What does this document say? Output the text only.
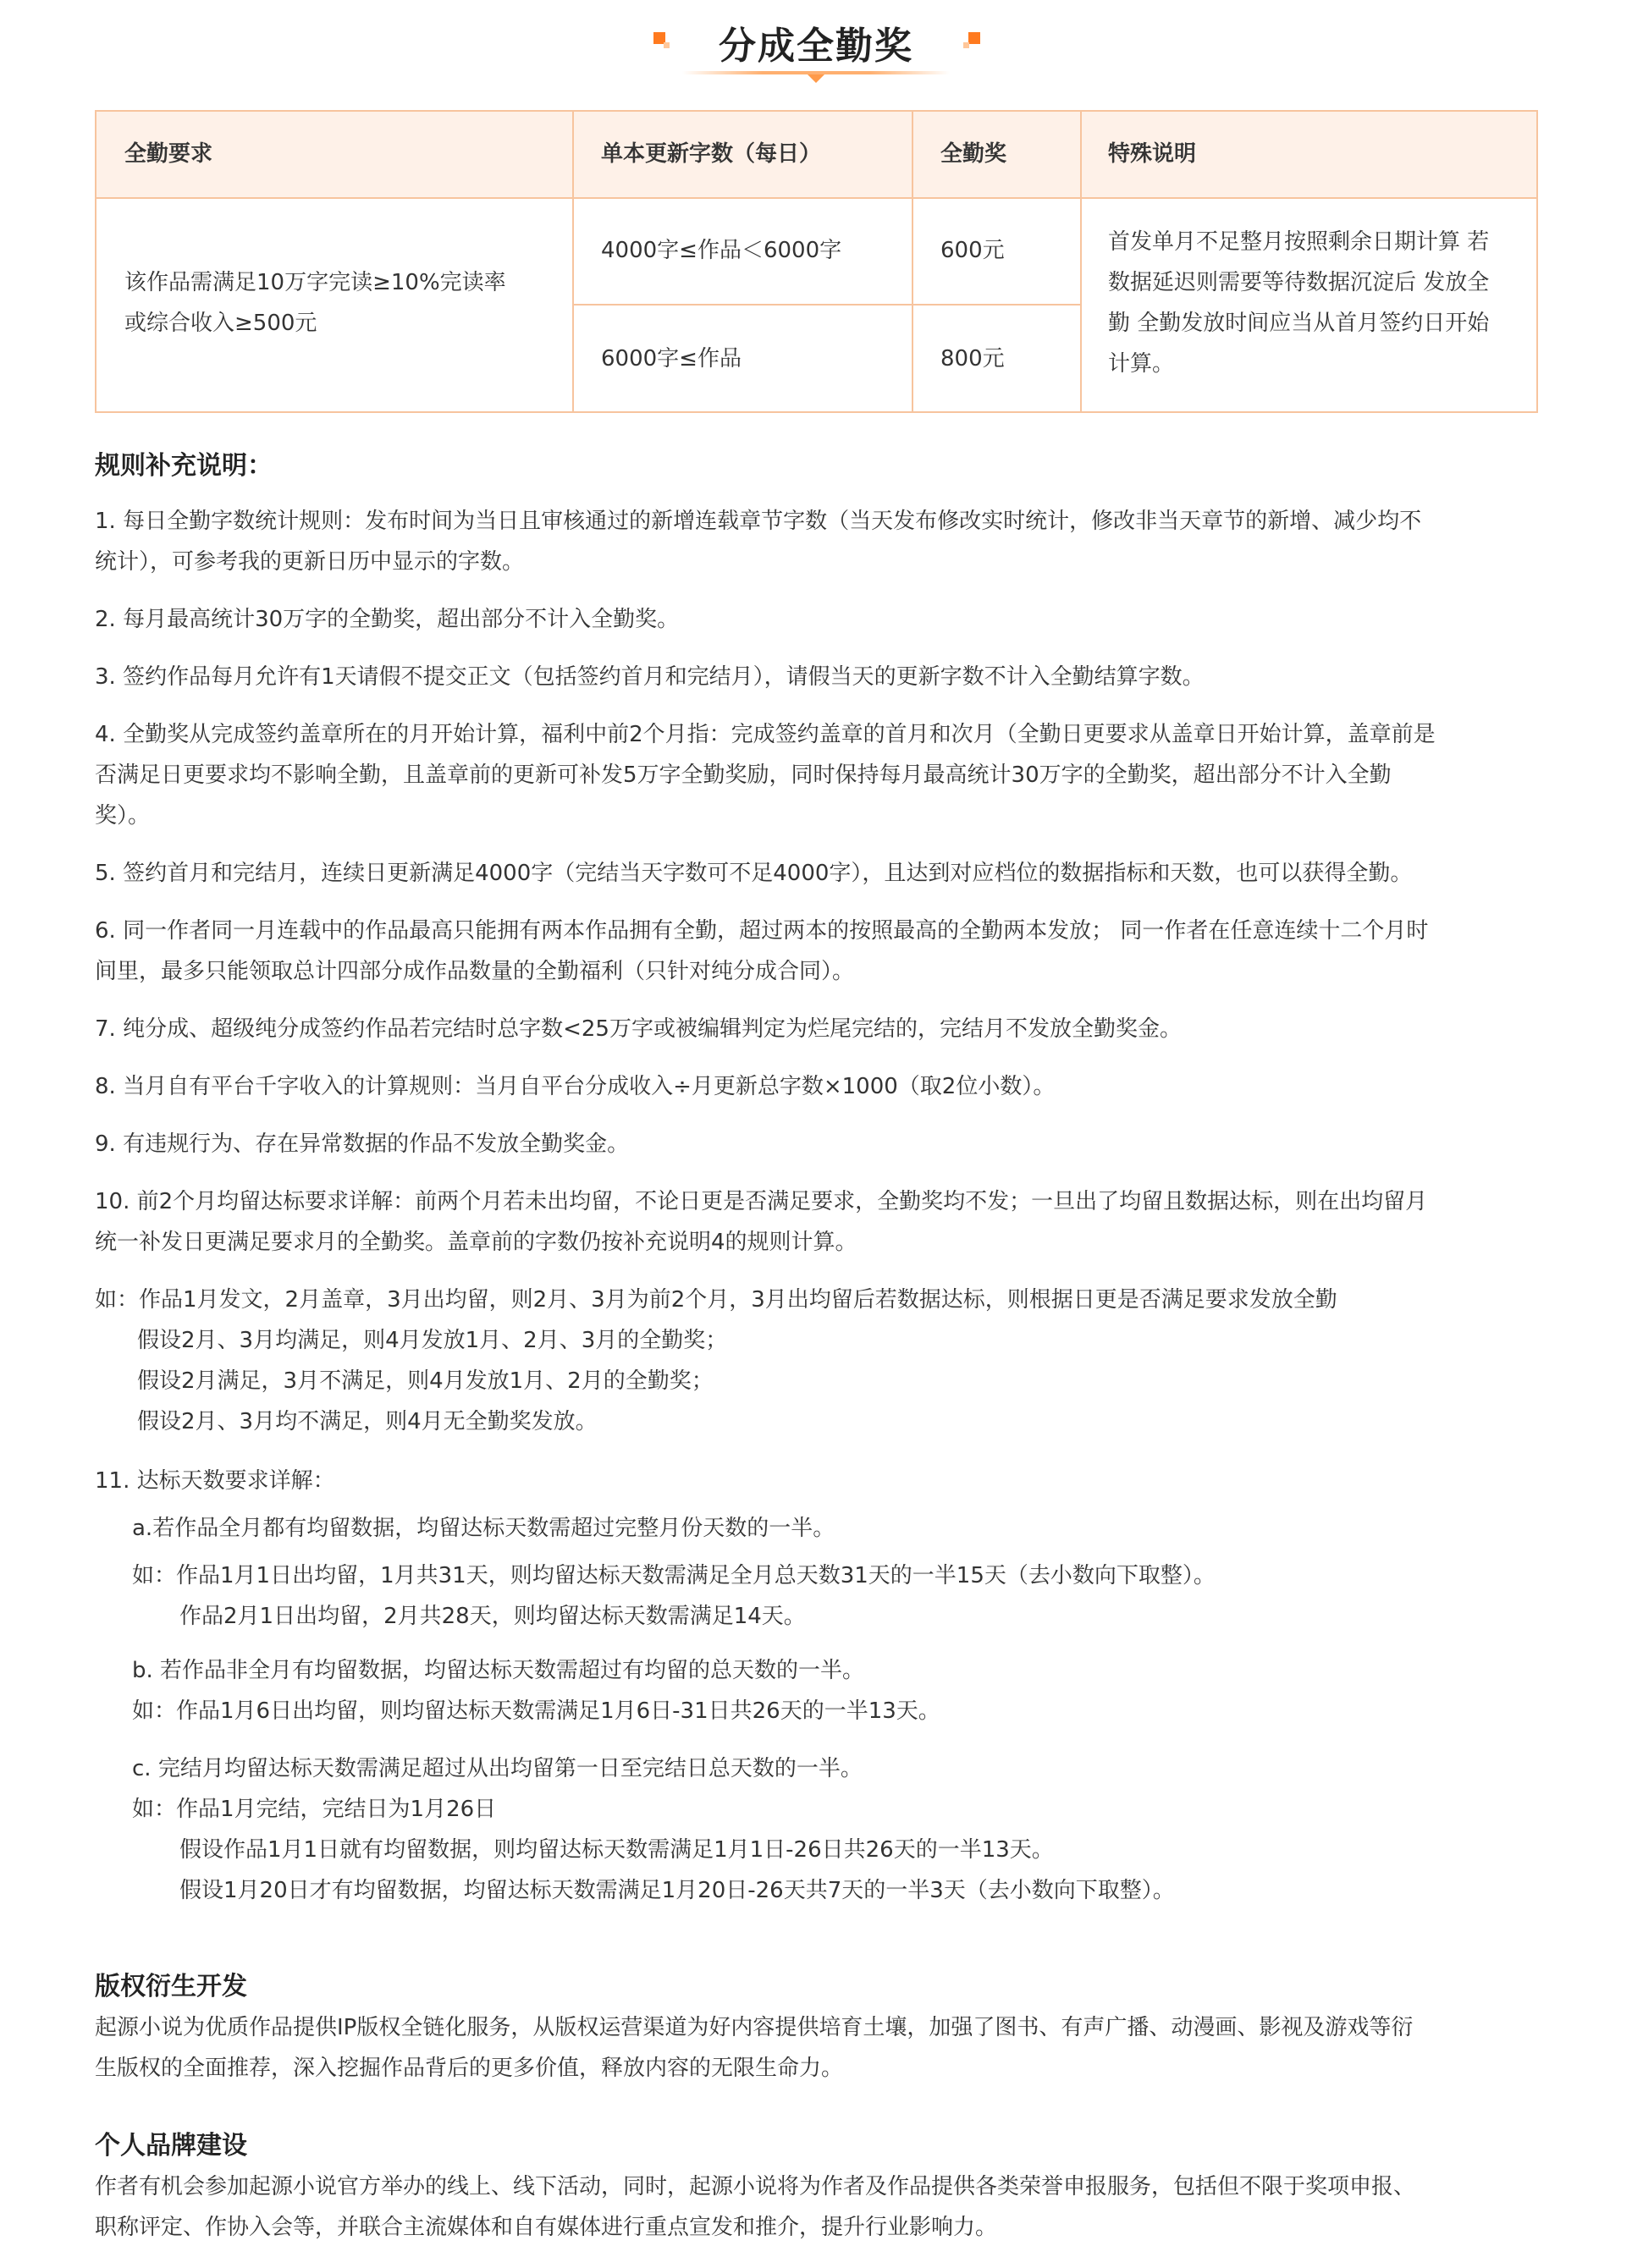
分成全勤奖
全勤要求	单本更新字数（每日）	全勤奖	特殊说明
该作品需满足10万字完读≥10%完读率
或综合收入≥500元
4000字≤作品＜6000字	600元
6000字≤作品	800元
首发单月不足整月按照剩余日期计算 若
数据延迟则需要等待数据沉淀后 发放全
勤 全勤发放时间应当从首月签约日开始
计算。
规则补充说明：
1. 每日全勤字数统计规则：发布时间为当日且审核通过的新增连载章节字数（当天发布修改实时统计，修改非当天章节的新增、减少均不
统计），可参考我的更新日历中显示的字数。
2. 每月最高统计30万字的全勤奖，超出部分不计入全勤奖。
3. 签约作品每月允许有1天请假不提交正文（包括签约首月和完结月），请假当天的更新字数不计入全勤结算字数。
4. 全勤奖从完成签约盖章所在的月开始计算，福利中前2个月指：完成签约盖章的首月和次月（全勤日更要求从盖章日开始计算，盖章前是
否满足日更要求均不影响全勤，且盖章前的更新可补发5万字全勤奖励，同时保持每月最高统计30万字的全勤奖，超出部分不计入全勤
奖）。
5. 签约首月和完结月，连续日更新满足4000字（完结当天字数可不足4000字），且达到对应档位的数据指标和天数，也可以获得全勤。
6. 同一作者同一月连载中的作品最高只能拥有两本作品拥有全勤，超过两本的按照最高的全勤两本发放； 同一作者在任意连续十二个月时
间里，最多只能领取总计四部分成作品数量的全勤福利（只针对纯分成合同）。
7. 纯分成、超级纯分成签约作品若完结时总字数<25万字或被编辑判定为烂尾完结的，完结月不发放全勤奖金。
8. 当月自有平台千字收入的计算规则：当月自平台分成收入÷月更新总字数×1000（取2位小数）。
9. 有违规行为、存在异常数据的作品不发放全勤奖金。
10. 前2个月均留达标要求详解：前两个月若未出均留，不论日更是否满足要求，全勤奖均不发；一旦出了均留且数据达标，则在出均留月
统一补发日更满足要求月的全勤奖。盖章前的字数仍按补充说明4的规则计算。
如：作品1月发文，2月盖章，3月出均留，则2月、3月为前2个月，3月出均留后若数据达标，则根据日更是否满足要求发放全勤
假设2月、3月均满足，则4月发放1月、2月、3月的全勤奖；
假设2月满足，3月不满足，则4月发放1月、2月的全勤奖；
假设2月、3月均不满足，则4月无全勤奖发放。
11. 达标天数要求详解：
a.若作品全月都有均留数据，均留达标天数需超过完整月份天数的一半。
如：作品1月1日出均留，1月共31天，则均留达标天数需满足全月总天数31天的一半15天（去小数向下取整）。
作品2月1日出均留，2月共28天，则均留达标天数需满足14天。
b. 若作品非全月有均留数据，均留达标天数需超过有均留的总天数的一半。
如：作品1月6日出均留，则均留达标天数需满足1月6日-31日共26天的一半13天。
c. 完结月均留达标天数需满足超过从出均留第一日至完结日总天数的一半。
如：作品1月完结，完结日为1月26日
假设作品1月1日就有均留数据，则均留达标天数需满足1月1日-26日共26天的一半13天。
假设1月20日才有均留数据，均留达标天数需满足1月20日-26天共7天的一半3天（去小数向下取整）。
版权衍生开发
起源小说为优质作品提供IP版权全链化服务，从版权运营渠道为好内容提供培育土壤，加强了图书、有声广播、动漫画、影视及游戏等衍
生版权的全面推荐，深入挖掘作品背后的更多价值，释放内容的无限生命力。
个人品牌建设
作者有机会参加起源小说官方举办的线上、线下活动，同时，起源小说将为作者及作品提供各类荣誉申报服务，包括但不限于奖项申报、
职称评定、作协入会等，并联合主流媒体和自有媒体进行重点宣发和推介，提升行业影响力。
